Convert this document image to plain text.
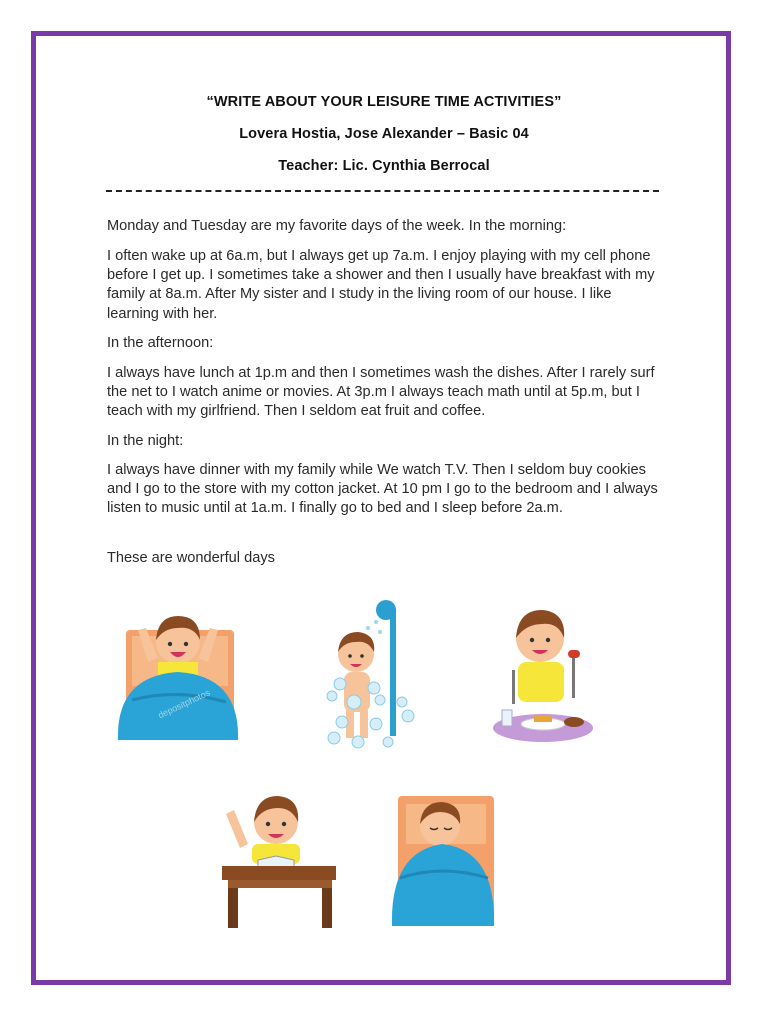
“WRITE ABOUT YOUR LEISURE TIME ACTIVITIES”
Lovera Hostia, Jose Alexander – Basic 04
Teacher: Lic. Cynthia Berrocal
Monday and Tuesday are my favorite days of the week. In the morning:
I often wake up at 6a.m, but I always get up 7a.m. I enjoy playing with my cell phone before I get up. I sometimes take a shower and then I usually have breakfast with my family at 8a.m. After My sister and I study in the living room of our house. I like learning with her.
In the afternoon:
I always have lunch at 1p.m and then I sometimes wash the dishes. After I rarely surf the net to I watch anime or movies. At 3p.m I always teach math until at 5p.m, but I teach with my girlfriend. Then I seldom eat fruit and coffee.
In the night:
I always have dinner with my family while We watch T.V. Then I seldom buy cookies and I go to the store with my cotton jacket. At 10 pm I go to the bedroom and I always listen to music until at 1a.m. I finally go to bed and I sleep before 2a.m.
These are wonderful days
depositphotos
